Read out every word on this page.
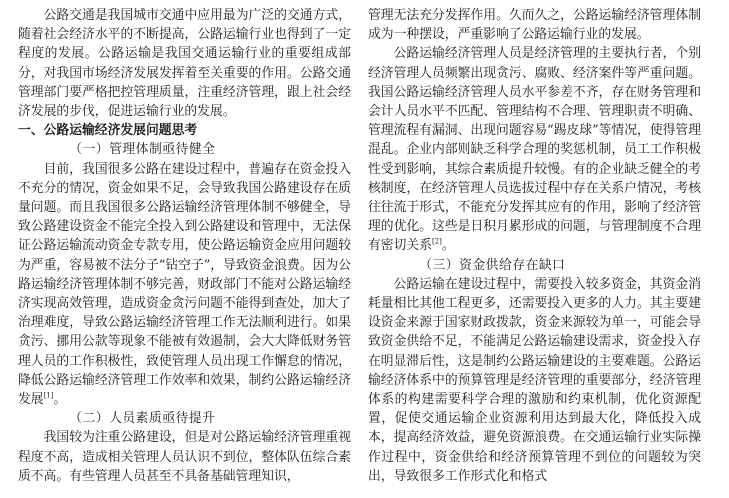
公路交通是我国城市交通中应用最为广泛的交通方式，随着社会经济水平的不断提高，公路运输行业也得到了一定程度的发展。公路运输是我国交通运输行业的重要组成部分，对我国市场经济发展发挥着至关重要的作用。公路交通管理部门要严格把控管理质量，注重经济管理，跟上社会经济发展的步伐，促进运输行业的发展。

一、公路运输经济发展问题思考
（一）管理体制亟待健全

目前，我国很多公路在建设过程中，普遍存在资金投入不充分的情况，资金如果不足，会导致我国公路建设存在质量问题。而且我国很多公路运输经济管理体制不够健全，导致公路建设资金不能完全投入到公路建设和管理中，无法保证公路运输流动资金专款专用，使公路运输资金应用问题较为严重，容易被不法分子“钻空子”，导致资金浪费。因为公路运输经济管理体制不够完善，财政部门不能对公路运输经济实现高效管理，造成资金贪污问题不能得到查处，加大了治理难度，导致公路运输经济管理工作无法顺利进行。如果贪污、挪用公款等现象不能被有效遏制，会大大降低财务管理人员的工作积极性，致使管理人员出现工作懈怠的情况，降低公路运输经济管理工作效率和效果，制约公路运输经济发展[1]。

（二）人员素质亟待提升

我国较为注重公路建设，但是对公路运输经济管理重视程度不高，造成相关管理人员认识不到位，整体队伍综合素质不高。有些管理人员甚至不具备基础管理知识，

管理无法充分发挥作用。久而久之，公路运输经济管理体制成为一种摆设，严重影响了公路运输行业的发展。

公路运输经济管理人员是经济管理的主要执行者，个别经济管理人员频繁出现贪污、腐败、经济案件等严重问题。我国公路运输经济管理人员水平参差不齐，存在财务管理和会计人员水平不匹配、管理结构不合理、管理职责不明确、管理流程有漏洞、出现问题容易“踢皮球”等情况，使得管理混乱。企业内部则缺乏科学合理的奖惩机制，员工工作积极性受到影响，其综合素质提升较慢。有的企业缺乏健全的考核制度，在经济管理人员选拔过程中存在关系户情况，考核往往流于形式，不能充分发挥其应有的作用，影响了经济管理的优化。这些是日积月累形成的问题，与管理制度不合理有密切关系[2]。

（三）资金供给存在缺口

公路运输在建设过程中，需要投入较多资金，其资金消耗量相比其他工程更多，还需要投入更多的人力。其主要建设资金来源于国家财政拨款，资金来源较为单一，可能会导致资金供给不足，不能满足公路运输建设需求，资金投入存在明显滞后性，这是制约公路运输建设的主要难题。公路运输经济体系中的预算管理是经济管理的重要部分，经济管理体系的构建需要科学合理的激励和约束机制，优化资源配置，促使交通运输企业资源利用达到最大化，降低投入成本，提高经济效益，避免资源浪费。在交通运输行业实际操作过程中，资金供给和经济预算管理不到位的问题较为突出，导致很多工作形式化和格式
